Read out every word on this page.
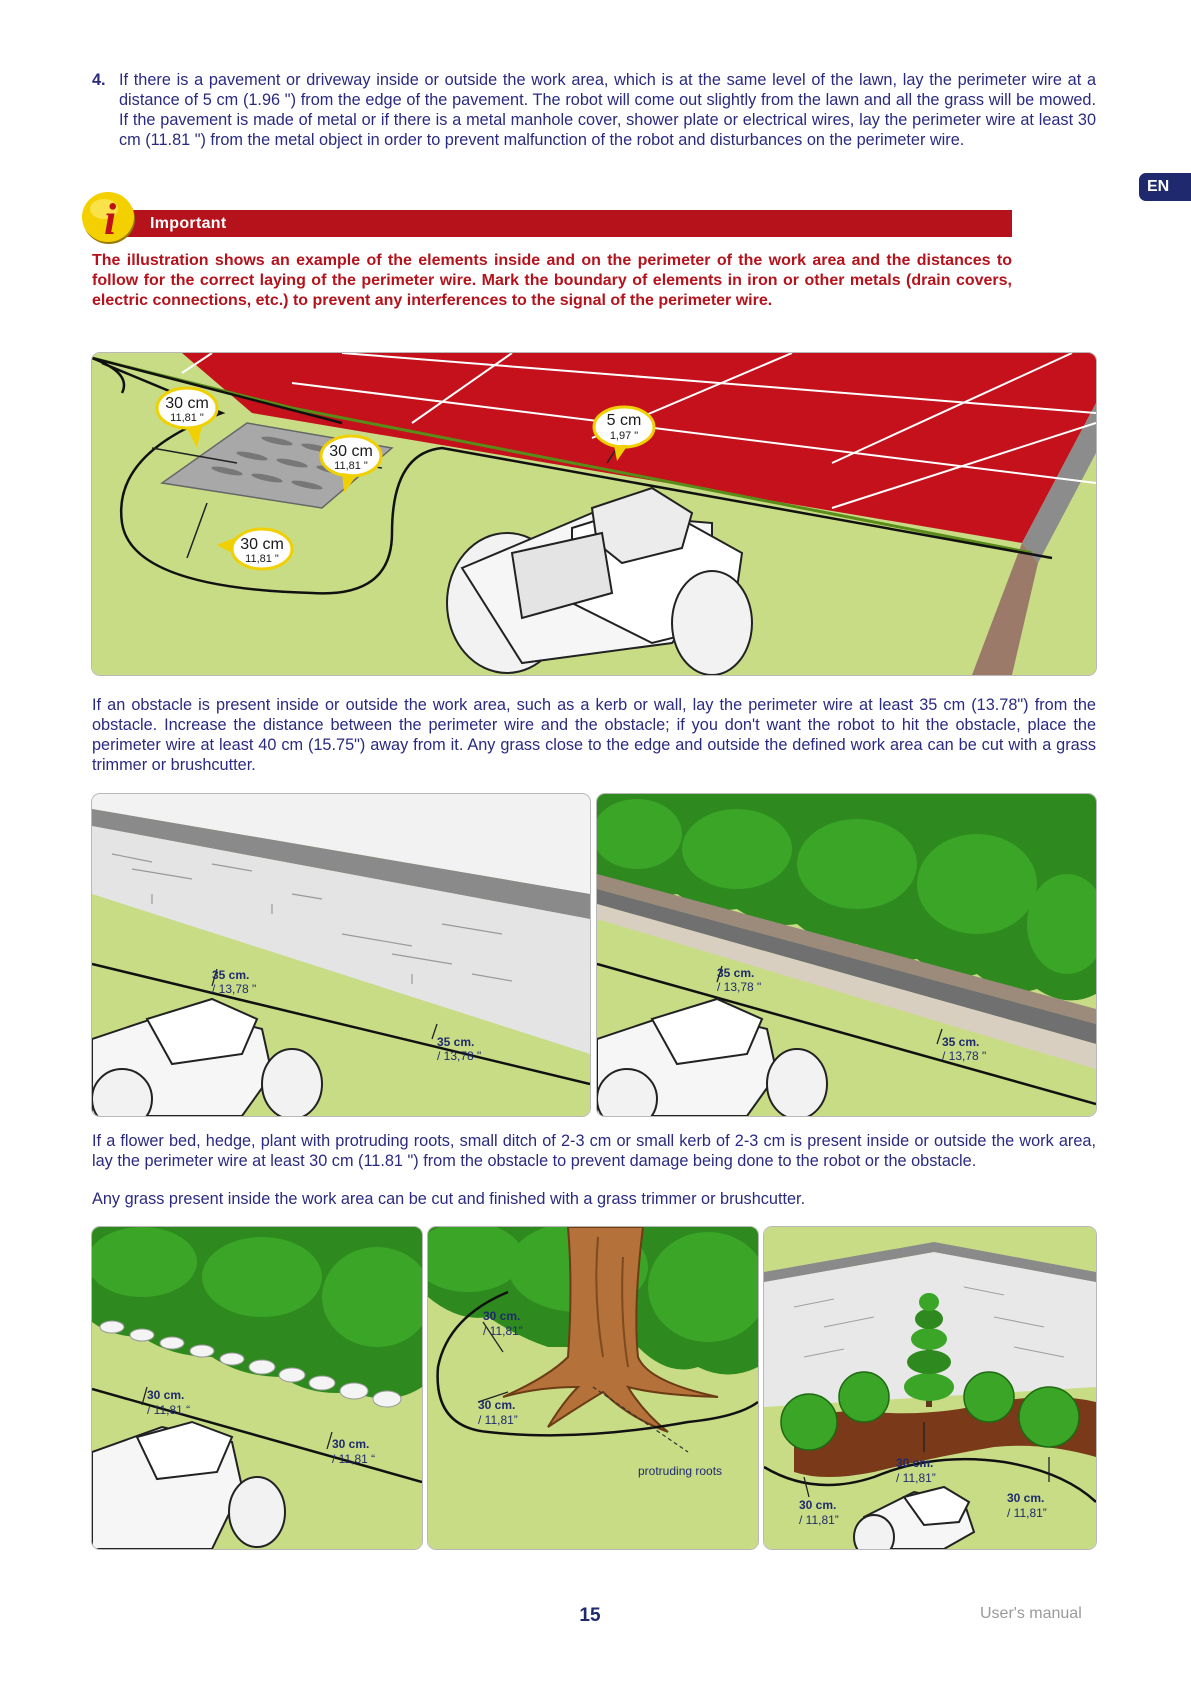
4. If there is a pavement or driveway inside or outside the work area, which is at the same level of the lawn, lay the perimeter wire at a distance of 5 cm (1.96 ") from the edge of the pavement. The robot will come out slightly from the lawn and all the grass will be mowed. If the pavement is made of metal or if there is a metal manhole cover, shower plate or electrical wires, lay the perimeter wire at least 30 cm (11.81 ") from the metal object in order to prevent malfunction of the robot and disturbances on the perimeter wire.
EN
i Important
The illustration shows an example of the elements inside and on the perimeter of the work area and the distances to follow for the correct laying of the perimeter wire. Mark the boundary of elements in iron or other metals (drain covers, electric connections, etc.) to prevent any interferences to the signal of the perimeter wire.
30 cm
11,81 "
30 cm
11,81 "
30 cm
11,81 "
5 cm
1,97 "
If an obstacle is present inside or outside the work area, such as a kerb or wall, lay the perimeter wire at least 35 cm (13.78") from the obstacle. Increase the distance between the perimeter wire and the obstacle; if you don't want the robot to hit the obstacle, place the perimeter wire at least 40 cm (15.75") away from it. Any grass close to the edge and outside the defined work area can be cut with a grass trimmer or brushcutter.
35 cm.
/ 13,78 "
35 cm.
/ 13,78 "
35 cm.
/ 13,78 "
35 cm.
/ 13,78 "
If a flower bed, hedge, plant with protruding roots, small ditch of 2-3 cm or small kerb of 2-3 cm is present inside or outside the work area, lay the perimeter wire at least 30 cm (11.81 ") from the obstacle to prevent damage being done to the robot or the obstacle.
Any grass present inside the work area can be cut and finished with a grass trimmer or brushcutter.
30 cm.
/ 11,81 “
30 cm.
/ 11,81 “
30 cm.
/ 11,81”
30 cm.
/ 11,81”
protruding roots
30 cm.
/ 11,81”
30 cm.
/ 11,81”
30 cm.
/ 11,81”
15	User's manual
